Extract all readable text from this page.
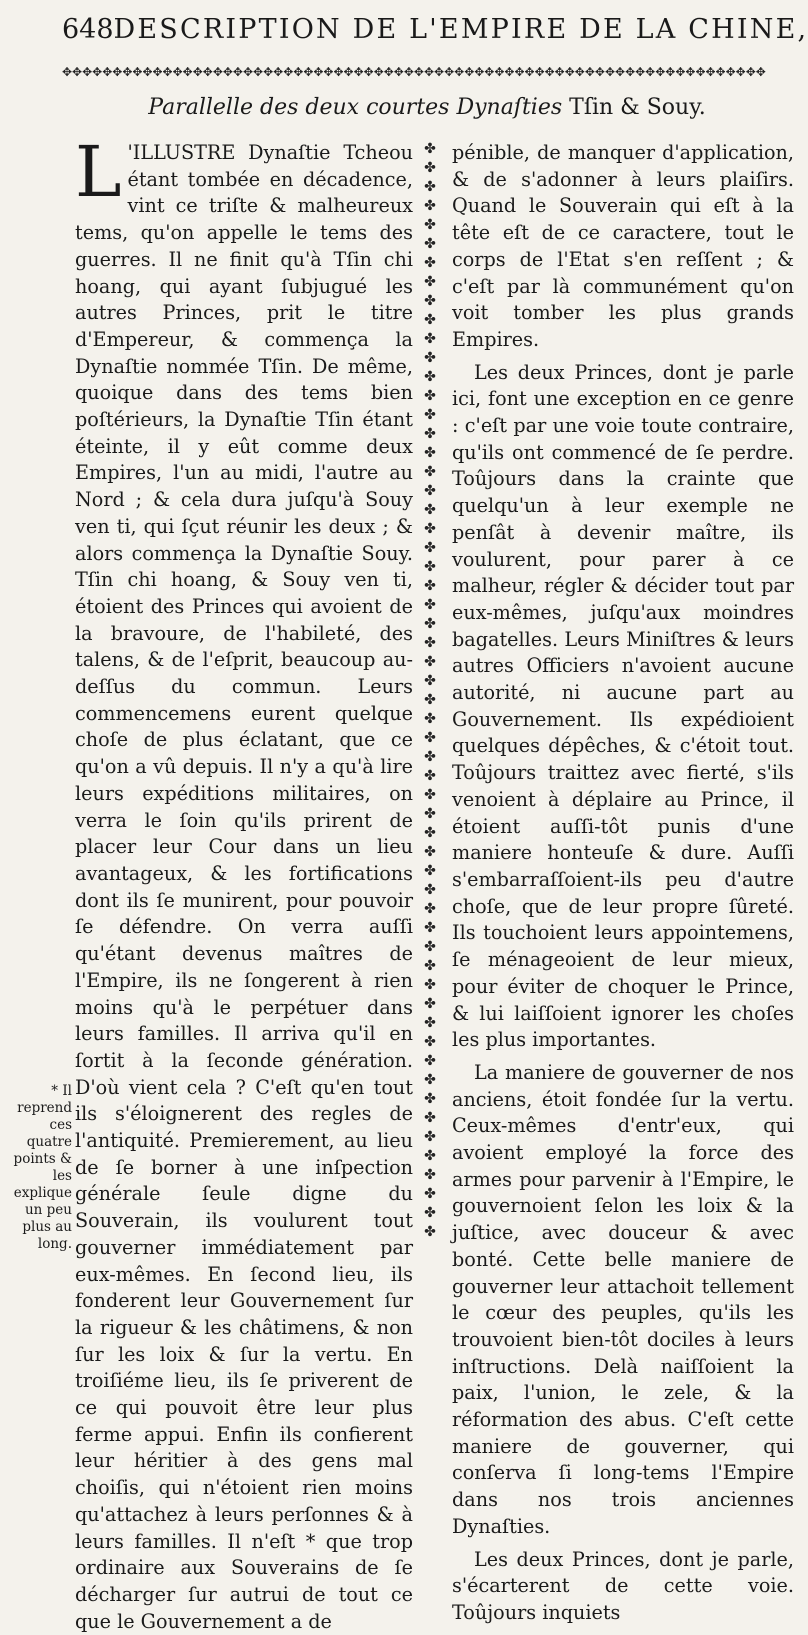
648 DESCRIPTION DE L'EMPIRE DE LA CHINE,
✥✥✥✥✥✥✥✥✥✥✥✥✥✥✥✥✥✥✥✥✥✥✥✥✥✥✥✥✥✥✥✥✥✥✥✥✥✥✥✥✥✥✥✥✥✥✥✥✥✥✥✥✥✥✥✥✥✥✥✥✥✥✥✥✥✥✥✥✥✥
Parallelle des deux courtes Dynaſties Tſin & Souy.

L 'ILLUSTRE Dynaſtie Tcheou étant tombée en décadence, vint ce triſte & malheureux tems, qu'on appelle le tems des guerres. Il ne finit qu'à Tſin chi hoang, qui ayant ſubjugué les autres Princes, prit le titre d'Empereur, & commença la Dynaſtie nommée Tſin. De même, quoique dans des tems bien poſtérieurs, la Dynaſtie Tſin étant éteinte, il y eût comme deux Empires, l'un au midi, l'autre au Nord ; & cela dura juſqu'à Souy ven ti, qui ſçut réunir les deux ; & alors commença la Dynaſtie Souy. Tſin chi hoang, & Souy ven ti, étoient des Princes qui avoient de la bravoure, de l'habileté, des talens, & de l'eſprit, beaucoup au-deſſus du commun. Leurs commencemens eurent quelque choſe de plus éclatant, que ce qu'on a vû depuis. Il n'y a qu'à lire leurs expéditions militaires, on verra le ſoin qu'ils prirent de placer leur Cour dans un lieu avantageux, & les fortifications dont ils ſe munirent, pour pouvoir ſe défendre. On verra auſſi qu'étant devenus maîtres de l'Empire, ils ne ſongerent à rien moins qu'à le perpétuer dans leurs familles. Il arriva qu'il en ſortit à la ſeconde génération. D'où vient cela ? C'eſt qu'en tout ils s'éloignerent des regles de l'antiquité. Premierement, au lieu de ſe borner à une inſpection générale ſeule digne du Souverain, ils voulurent tout gouverner immédiatement par eux-mêmes. En ſecond lieu, ils fonderent leur Gouvernement ſur la rigueur & les châtimens, & non ſur les loix & ſur la vertu. En troiſiéme lieu, ils ſe priverent de ce qui pouvoit être leur plus ferme appui. Enfin ils confierent leur héritier à des gens mal choiſis, qui n'étoient rien moins qu'attachez à leurs perſonnes & à leurs familles. Il n'eſt * que trop ordinaire aux Souverains de ſe décharger ſur autrui de tout ce que le Gouvernement a de

✤
✤
✤
✤
✤
✤
✤
✤
✤
✤
✤
✤
✤
✤
✤
✤
✤
✤
✤
✤
✤
✤
✤
✤
✤
✤
✤
✤
✤
✤
✤
✤
✤
✤
✤
✤
✤
✤
✤
✤
✤
✤
✤
✤
✤
✤
✤
✤
✤
✤
✤
✤
✤
✤
✤
✤
✤
✤

pénible, de manquer d'application, & de s'adonner à leurs plaiſirs. Quand le Souverain qui eſt à la tête eſt de ce caractere, tout le corps de l'Etat s'en reſſent ; & c'eſt par là communément qu'on voit tomber les plus grands Empires.

Les deux Princes, dont je parle ici, font une exception en ce genre : c'eſt par une voie toute contraire, qu'ils ont commencé de ſe perdre. Toûjours dans la crainte que quelqu'un à leur exemple ne penſât à devenir maître, ils voulurent, pour parer à ce malheur, régler & décider tout par eux-mêmes, juſqu'aux moindres bagatelles. Leurs Miniſtres & leurs autres Officiers n'avoient aucune autorité, ni aucune part au Gouvernement. Ils expédioient quelques dépêches, & c'étoit tout. Toûjours traittez avec fierté, s'ils venoient à déplaire au Prince, il étoient auſſi-tôt punis d'une maniere honteuſe & dure. Auſſi s'embarraſſoient-ils peu d'autre choſe, que de leur propre ſûreté. Ils touchoient leurs appointemens, ſe ménageoient de leur mieux, pour éviter de choquer le Prince, & lui laiſſoient ignorer les choſes les plus importantes.

La maniere de gouverner de nos anciens, étoit fondée ſur la vertu. Ceux-mêmes d'entr'eux, qui avoient employé la force des armes pour parvenir à l'Empire, le gouvernoient ſelon les loix & la juſtice, avec douceur & avec bonté. Cette belle maniere de gouverner leur attachoit tellement le cœur des peuples, qu'ils les trouvoient bien-tôt dociles à leurs inſtructions. Delà naiſſoient la paix, l'union, le zele, & la réformation des abus. C'eſt cette maniere de gouverner, qui conſerva ſi long-tems l'Empire dans nos trois anciennes Dynaſties.

Les deux Princes, dont je parle, s'écarterent de cette voie. Toûjours inquiets

* Il reprend ces quatre points & les explique un peu plus au long.
